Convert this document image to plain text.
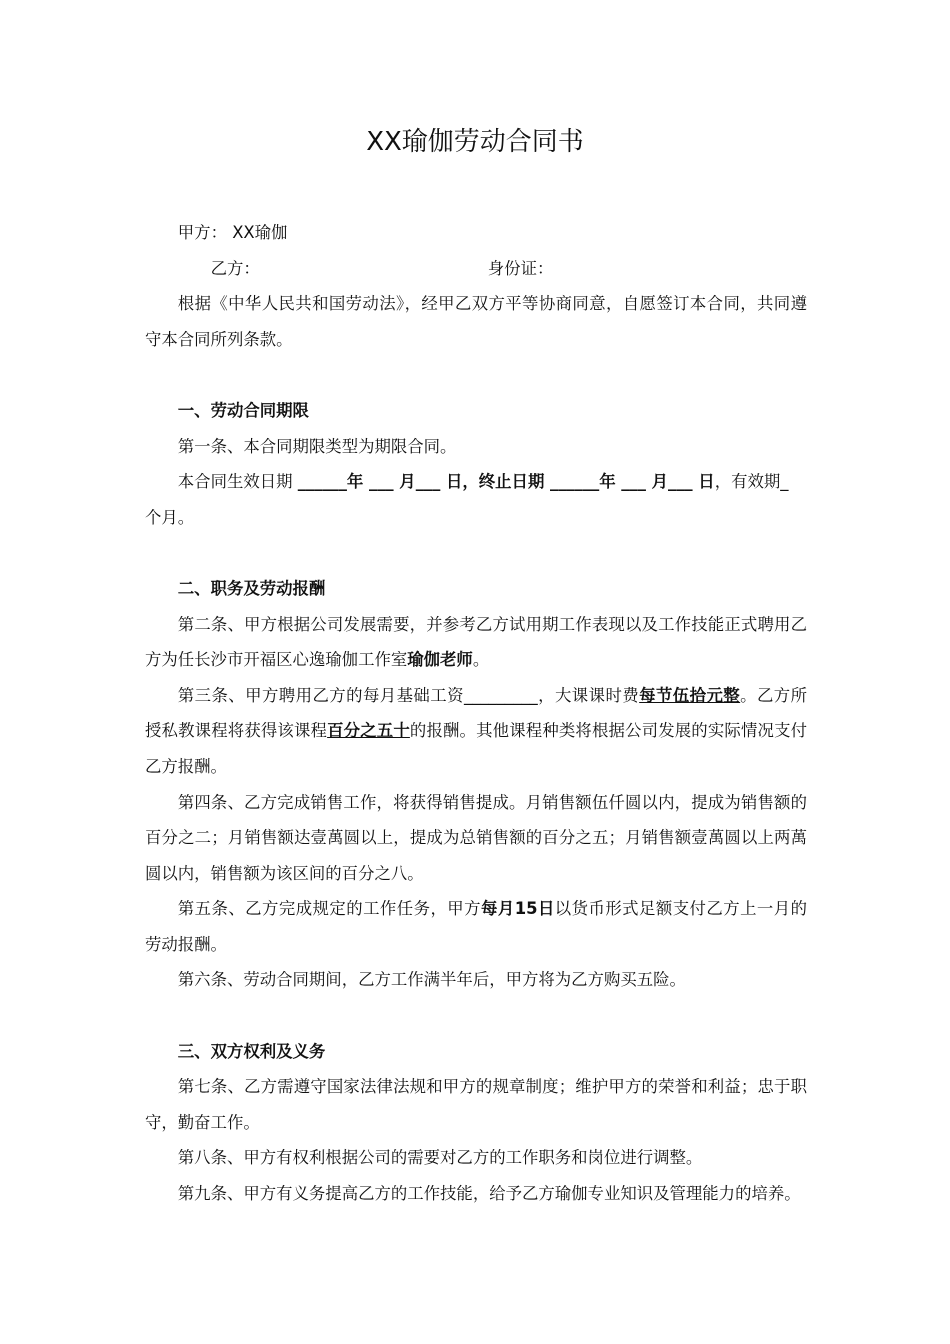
XX瑜伽劳动合同书

甲方： XX瑜伽

乙方：	身份证：

根据《中华人民共和国劳动法》，经甲乙双方平等协商同意，自愿签订本合同，共同遵守本合同所列条款。

一、劳动合同期限

第一条、本合同期限类型为期限合同。

本合同生效日期 ______年 ___ 月___ 日，终止日期 ______年 ___ 月___ 日，有效期_

个月。

二、职务及劳动报酬

第二条、甲方根据公司发展需要，并参考乙方试用期工作表现以及工作技能正式聘用乙方为任长沙市开福区心逸瑜伽工作室瑜伽老师。

第三条、甲方聘用乙方的每月基础工资_________，大课课时费每节伍拾元整。乙方所授私教课程将获得该课程百分之五十的报酬。其他课程种类将根据公司发展的实际情况支付乙方报酬。

第四条、乙方完成销售工作，将获得销售提成。月销售额伍仟圆以内，提成为销售额的百分之二；月销售额达壹萬圆以上，提成为总销售额的百分之五；月销售额壹萬圆以上两萬圆以内，销售额为该区间的百分之八。

第五条、乙方完成规定的工作任务，甲方每月15日以货币形式足额支付乙方上一月的劳动报酬。

第六条、劳动合同期间，乙方工作满半年后，甲方将为乙方购买五险。

三、双方权利及义务

第七条、乙方需遵守国家法律法规和甲方的规章制度；维护甲方的荣誉和利益；忠于职守，勤奋工作。

第八条、甲方有权利根据公司的需要对乙方的工作职务和岗位进行调整。

第九条、甲方有义务提高乙方的工作技能，给予乙方瑜伽专业知识及管理能力的培养。
